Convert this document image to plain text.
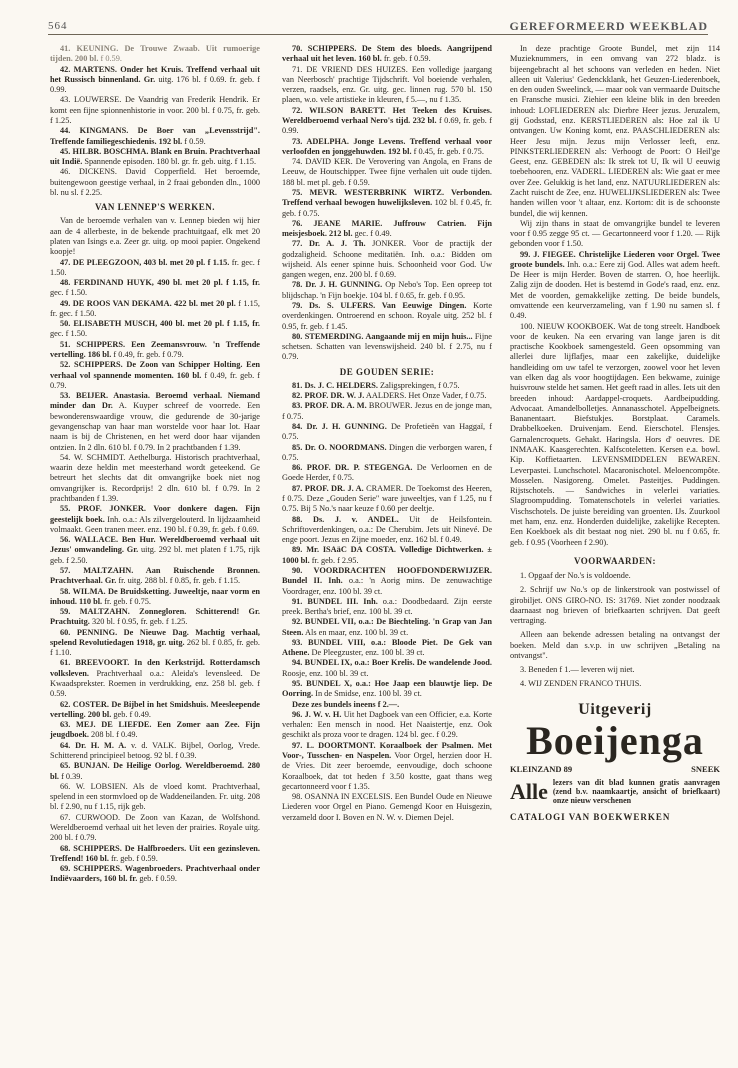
564	GEREFORMEERD WEEKBLAD

41. KEUNING. De Trouwe Zwaab. Uit rumoerige tijden. 200 bl. f 0.59.

42. MARTENS. Onder het Kruis. Treffend verhaal uit het Russisch binnenland. Gr. uitg. 176 bl. f 0.69. fr. geb. f 0.99.

43. LOUWERSE. De Vaandrig van Frederik Hendrik. Er komt een fijne spionnenhistorie in voor. 200 bl. f 0.75, fr. geb. f 1.25.

44. KINGMANS. De Boer van „Levensstrijd". Treffende familiegeschiedenis. 192 bl. f 0.59.

45. HILBR. BOSCHMA. Blank en Bruin. Prachtverhaal uit Indië. Spannende episoden. 180 bl. gr. fr. geb. uitg. f 1.15.

46. DICKENS. David Copperfield. Het beroemde, buitengewoon geestige verhaal, in 2 fraai gebonden dln., 1000 bl. nu sl. f 2.25.

VAN LENNEP'S WERKEN.

Van de beroemde verhalen van v. Lennep bieden wij hier aan de 4 allerbeste, in de bekende prachtuitgaaf, elk met 20 platen van Isings e.a. Zeer gr. uitg. op mooi papier. Ongekend koopje!

47. DE PLEEGZOON, 403 bl. met 20 pl. f 1.15. fr. gec. f 1.50.

48. FERDINAND HUYK, 490 bl. met 20 pl. f 1.15, fr. gec. f 1.50.

49. DE ROOS VAN DEKAMA. 422 bl. met 20 pl. f 1.15, fr. gec. f 1.50.

50. ELISABETH MUSCH, 400 bl. met 20 pl. f 1.15, fr. gec. f 1.50.

51. SCHIPPERS. Een Zeemansvrouw. 'n Treffende vertelling. 186 bl. f 0.49, fr. geb. f 0.79.

52. SCHIPPERS. De Zoon van Schipper Holting. Een verhaal vol spannende momenten. 160 bl. f 0.49, fr. geb. f 0.79.

53. BEIJER. Anastasia. Beroemd verhaal. Niemand minder dan Dr. A. Kuyper schreef de voorrede. Een bewonderenswaardige vrouw, die gedurende de 30-jarige gevangenschap van haar man worstelde voor haar lot. Haar naam is bij de Christenen, en het werd door haar vijanden ontzien. In 2 dln. 610 bl. f 0.79. In 2 prachtbanden f 1.39.

54. W. SCHMIDT. Aethelburga. Historisch prachtverhaal, waarin deze heldin met meesterhand wordt geteekend. Ge betreurt het slechts dat dit omvangrijke boek niet nog omvangrijker is. Recordprijs! 2 dln. 610 bl. f 0.79. In 2 prachtbanden f 1.39.

55. PROF. JONKER. Voor donkere dagen. Fijn geestelijk boek. Inh. o.a.: Als zilvergelouterd. In lijdzaamheid volmaakt. Geen tranen meer. enz. 190 bl. f 0.39, fr. geb. f 0.69.

56. WALLACE. Ben Hur. Wereldberoemd verhaal uit Jezus' omwandeling. Gr. uitg. 292 bl. met platen f 1.75, rijk geb. f 2.50.

57. MALTZAHN. Aan Ruischende Bronnen. Prachtverhaal. Gr. fr. uitg. 288 bl. f 0.85, fr. geb. f 1.15.

58. WILMA. De Bruidsketting. Juweeltje, naar vorm en inhoud. 110 bl. fr. geb. f 0.75.

59. MALTZAHN. Zonnegloren. Schitterend! Gr. Prachtuitg. 320 bl. f 0.95, fr. geb. f 1.25.

60. PENNING. De Nieuwe Dag. Machtig verhaal, spelend Revolutiedagen 1918, gr. uitg. 262 bl. f 0.85, fr. geb. f 1.10.

61. BREEVOORT. In den Kerkstrijd. Rotterdamsch volksleven. Prachtverhaal o.a.: Aleida's levensleed. De Kwaadsprekster. Roemen in verdrukking, enz. 258 bl. geb. f 0.59.

62. COSTER. De Bijbel in het Smidshuis. Meesleepende vertelling. 200 bl. geb. f 0.49.

63. MEJ. DE LIEFDE. Een Zomer aan Zee. Fijn jeugdboek. 208 bl. f 0.49.

64. Dr. H. M. A. v. d. VALK. Bijbel, Oorlog, Vrede. Schitterend principieel betoog. 92 bl. f 0.39.

65. BUNJAN. De Heilige Oorlog. Wereldberoemd. 280 bl. f 0.39.

66. W. LOBSIEN. Als de vloed komt. Prachtverhaal, spelend in een stormvloed op de Waddeneilanden. Fr. uitg. 208 bl. f 2.90, nu f 1.15, rijk geb.

67. CURWOOD. De Zoon van Kazan, de Wolfshond. Wereldberoemd verhaal uit het leven der prairies. Royale uitg. 200 bl. f 0.79.

68. SCHIPPERS. De Halfbroeders. Uit een gezinsleven. Treffend! 160 bl. fr. geb. f 0.59.

69. SCHIPPERS. Wagenbroeders. Prachtverhaal onder Indiëvaarders, 160 bl. fr. geb. f 0.59.

70. SCHIPPERS. De Stem des bloeds. Aangrijpend verhaal uit het leven. 160 bl. fr. geb. f 0.59.

71. DE VRIEND DES HUIZES. Een volledige jaargang van Neerbosch' prachtige Tijdschrift. Vol boeiende verhalen, verzen, raadsels, enz. Gr. uitg. gec. linnen rug. 570 bl. 150 plaen, w.o. vele artistieke in kleuren, f 5.—, nu f 1.35.

72. WILSON BARETT. Het Teeken des Kruises. Wereldberoemd verhaal Nero's tijd. 232 bl. f 0.69, fr. geb. f 0.99.

73. ADELPHA. Jonge Levens. Treffend verhaal voor verloofden en jonggehuwden. 192 bl. f 0.45, fr. geb. f 0.75.

74. DAVID KER. De Verovering van Angola, en Frans de Leeuw, de Houtschipper. Twee fijne verhalen uit oude tijden. 188 bl. met pl. geb. f 0.59.

75. MEVR. WESTERBRINK WIRTZ. Verbonden. Treffend verhaal bewogen huwelijksleven. 102 bl. f 0.45, fr. geb. f 0.75.

76. JEANE MARIE. Juffrouw Catrien. Fijn meisjesboek. 212 bl. gec. f 0.49.

77. Dr. A. J. Th. JONKER. Voor de practijk der godzaligheid. Schoone meditatiën. Inh. o.a.: Bidden om wijsheid. Als eener spinne huis. Schoonheid voor God. Uw gangen wegen, enz. 200 bl. f 0.69.

78. Dr. J. H. GUNNING. Op Nebo's Top. Een opreep tot blijdschap. 'n Fijn boekje. 104 bl. f 0.65, fr. geb. f 0.95.

79. Ds. S. ULFERS. Van Eeuwige Dingen. Korte overdenkingen. Ontroerend en schoon. Royale uitg. 252 bl. f 0.95, fr. geb. f 1.45.

80. STEMERDING. Aangaande mij en mijn huis... Fijne schetsen. Schatten van levenswijsheid. 240 bl. f 2.75, nu f 0.79.

DE GOUDEN SERIE:

81. Ds. J. C. HELDERS. Zaligsprekingen, f 0.75.

82. PROF. DR. W. J. AALDERS. Het Onze Vader, f 0.75.

83. PROF. DR. A. M. BROUWER. Jezus en de jonge man, f 0.75.

84. Dr. J. H. GUNNING. De Profetieën van Haggaï, f 0.75.

85. Dr. O. NOORDMANS. Dingen die verborgen waren, f 0.75.

86. PROF. DR. P. STEGENGA. De Verloornen en de Goede Herder, f 0.75.

87. PROF. DR. J. A. CRAMER. De Toekomst des Heeren, f 0.75. Deze „Gouden Serie" ware juweeltjes, van f 1.25, nu f 0.75. Bij 5 No.'s naar keuze f 0.60 per deeltje.

88. Ds. J. v. ANDEL. Uit de Heilsfontein. Schriftoverdenkingen, o.a.: De Cherubim. Jets uit Ninevé. De enge poort. Jezus en Zijne moeder, enz. 162 bl. f 0.49.

89. Mr. ISAäC DA COSTA. Volledige Dichtwerken. ± 1000 bl. fr. geb. f 2.95.

90. VOORDRACHTEN HOOFDONDERWIJZER. Bundel II. Inh. o.a.: 'n Aorig mins. De zenuwachtige Voordrager, enz. 100 bl. 39 ct.

91. BUNDEL III. Inh. o.a.: Doodbedaard. Zijn eerste preek. Bertha's brief, enz. 100 bl. 39 ct.

92. BUNDEL VII, o.a.: De Biechteling. 'n Grap van Jan Steen. Als en maar, enz. 100 bl. 39 ct.

93. BUNDEL VIII, o.a.: Bloode Piet. De Gek van Athene. De Pleegzuster, enz. 100 bl. 39 ct.

94. BUNDEL IX, o.a.: Boer Krelis. De wandelende Jood. Roosje, enz. 100 bl. 39 ct.

95. BUNDEL X, o.a.: Hoe Jaap een blauwtje liep. De Oorring. In de Smidse, enz. 100 bl. 39 ct.

Deze zes bundels ineens f 2.—.

96. J. W. v. H. Uit het Dagboek van een Officier, e.a. Korte verhalen: Een mensch in nood. Het Naaistertje, enz. Ook geschikt als proza voor te dragen. 124 bl. gec. f 0.29.

97. L. DOORTMONT. Koraalboek der Psalmen. Met Voor-, Tusschen- en Naspelen. Voor Orgel, herzien door H. de Vries. Dit zeer beroemde, eenvoudige, doch schoone Koraalboek, dat tot heden f 3.50 kostte, gaat thans weg gecartonneerd voor f 1.35.

98. OSANNA IN EXCELSIS. Een Bundel Oude en Nieuwe Liederen voor Orgel en Piano. Gemengd Koor en Huisgezin, verzameld door I. Boven en N. W. v. Diemen Dejel.

In deze prachtige Groote Bundel, met zijn 114 Muzieknummers, in een omvang van 272 bladz. is bijeengebracht al het schoons van verleden en heden. Niet alleen uit Valerius' Gedenckklank, het Geuzen-Liederenboek, en den ouden Sweelinck, — maar ook van vermaarde Duitsche en Fransche musici. Ziehier een kleine blik in den breeden inhoud: LOFLIEDEREN als: Dierbre Heer jezus. Jeruzalem, gij Godsstad, enz. KERSTLIEDEREN als: Hoe zal ik U ontvangen. Uw Koning komt, enz. PAASCHLIEDEREN als: Heer Jesu mijn. Jezus mijn Verlosser leeft, enz. PINKSTERLIEDEREN als: Verhoogt de Poort: O Heil'ge Geest, enz. GEBEDEN als: Ik strek tot U, Ik wil U eeuwig toebehooren, enz. VADERL. LIEDEREN als: Wie gaat er mee over Zee. Gelukkig is het land, enz. NATUURLIEDEREN als: Zacht ruischt de Zee, enz. HUWELIJKSLIEDEREN als: Twee handen willen voor 't altaar, enz. Kortom: dit is de schoonste bundel, die wij kennen.

Wij zijn thans in staat de omvangrijke bundel te leveren voor f 0.95 zegge 95 ct. — Gecartonneerd voor f 1.20. — Rijk gebonden voor f 1.50.

99. J. FIEGEE. Christelijke Liederen voor Orgel. Twee groote bundels. Inh. o.a.: Eere zij God. Alles wat adem heeft. De Heer is mijn Herder. Boven de starren. O, hoe heerlijk. Zalig zijn de dooden. Het is bestemd in Gode's raad, enz. enz. Met de voorden, gemakkelijke zetting. De beide bundels, omvattende een keurverzameling, van f 1.90 nu samen sl. f 0.49.

100. NIEUW KOOKBOEK. Wat de tong streelt. Handboek voor de keuken. Na een ervaring van lange jaren is dit practische Kookboek samengesteld. Geen opsomming van allerlei dure lijflafjes, maar een zakelijke, duidelijke handleiding om uw tafel te verzorgen, zoowel voor het leven van elken dag als voor hoogtijdagen. Een bekwame, zuinige huisvrouw stelde het samen. Het geeft raad in alles. Iets uit den breeden inhoud: Aardappel-croquets. Aardbeipudding. Advocaat. Amandelbolletjes. Annanasschotel. Appelbeignets. Bananentaart. Biefstukjes. Borstplaat. Caramels. Drabbelkoeken. Druivenjam. Eend. Eierschotel. Flensjes. Garnalencroquets. Gehakt. Haringsla. Hors d' oeuvres. DE INMAAK. Kaasgerechten. Kalfscoteletten. Kersen e.a. bowl. Kip. Koffietaarten. LEVENSMIDDELEN BEWAREN. Leverpastei. Lunchschotel. Macaronischotel. Meloencompôte. Mosselen. Nasigoreng. Omelet. Pasteitjes. Puddingen. Rijstschotels. — Sandwiches in velerlei variaties. Slagroompudding. Tomatenschotels in velerlei variaties. Vischschotels. De juiste bereiding van groenten. IJs. Zuurkool met ham, enz. enz. Honderden duidelijke, zakelijke Recepten. Een Koekboek als dit bestaat nog niet. 290 bl. nu f 0.65, fr. geb. f 0.95 (Voorheen f 2.90).

VOORWAARDEN:

1. Opgaaf der No.'s is voldoende.

2. Schrijf uw No.'s op de linkerstrook van postwissel of girobiljet. ONS GIRO-NO. IS: 31769. Niet zonder noodzaak daarnaast nog brieven of briefkaarten schrijven. Dat geeft vertraging.

Alleen aan bekende adressen betaling na ontvangst der boeken. Meld dan s.v.p. in uw schrijven „Betaling na ontvangst".

3. Beneden f 1.— leveren wij niet.

4. WIJ ZENDEN FRANCO THUIS.

Uitgeverij
Boeijenga
KLEINZAND 89	SNEEK
Alle lezers van dit blad kunnen gratis aanvragen (zend b.v. naamkaartje, ansicht of briefkaart) onze nieuw verschenen
CATALOGI VAN BOEKWERKEN
